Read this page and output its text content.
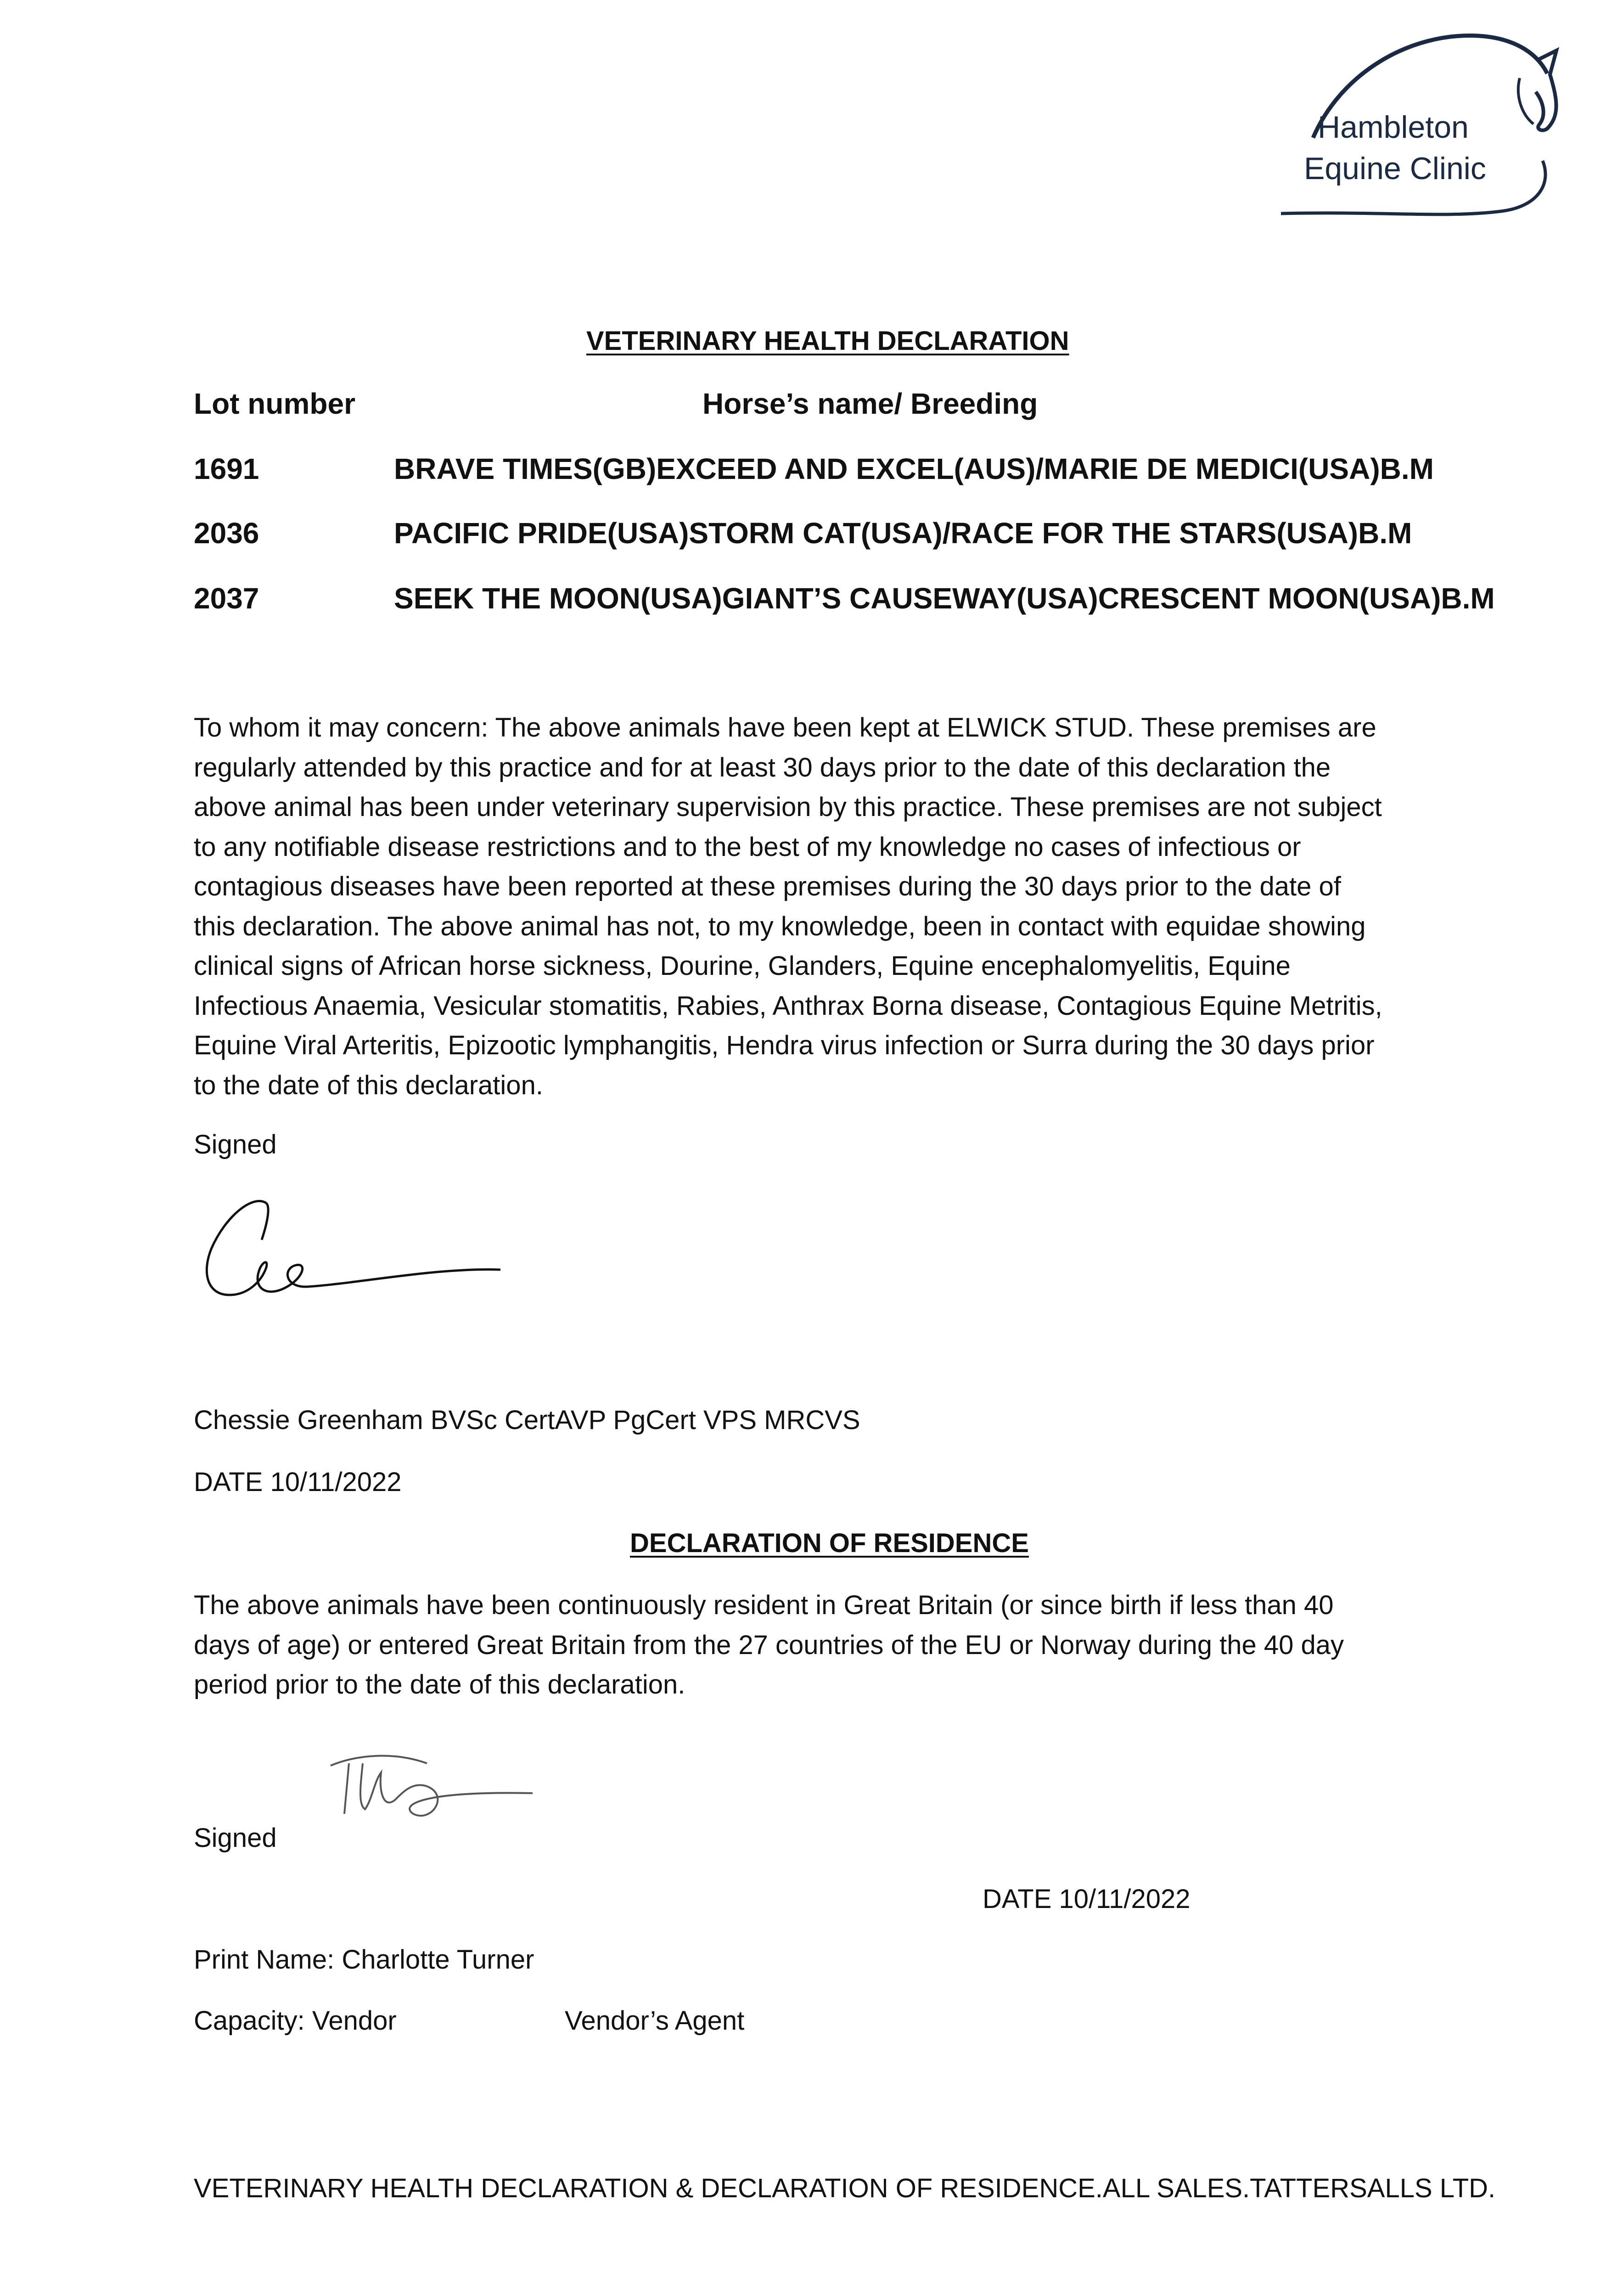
Hambleton
Equine Clinic
VETERINARY HEALTH DECLARATION
Lot number	Horse’s name/ Breeding
1691	BRAVE TIMES(GB)EXCEED AND EXCEL(AUS)/MARIE DE MEDICI(USA)B.M
2036	PACIFIC PRIDE(USA)STORM CAT(USA)/RACE FOR THE STARS(USA)B.M
2037	SEEK THE MOON(USA)GIANT’S CAUSEWAY(USA)CRESCENT MOON(USA)B.M
To whom it may concern: The above animals have been kept at ELWICK STUD. These premises are
regularly attended by this practice and for at least 30 days prior to the date of this declaration the
above animal has been under veterinary supervision by this practice. These premises are not subject
to any notifiable disease restrictions and to the best of my knowledge no cases of infectious or
contagious diseases have been reported at these premises during the 30 days prior to the date of
this declaration. The above animal has not, to my knowledge, been in contact with equidae showing
clinical signs of African horse sickness, Dourine, Glanders, Equine encephalomyelitis, Equine
Infectious Anaemia, Vesicular stomatitis, Rabies, Anthrax Borna disease, Contagious Equine Metritis,
Equine Viral Arteritis, Epizootic lymphangitis, Hendra virus infection or Surra during the 30 days prior
to the date of this declaration.
Signed
Chessie Greenham BVSc CertAVP PgCert VPS MRCVS
DATE 10/11/2022
DECLARATION OF RESIDENCE
The above animals have been continuously resident in Great Britain (or since birth if less than 40
days of age) or entered Great Britain from the 27 countries of the EU or Norway during the 40 day
period prior to the date of this declaration.
Signed
DATE 10/11/2022
Print Name: Charlotte Turner
Capacity: Vendor	Vendor’s Agent
VETERINARY HEALTH DECLARATION & DECLARATION OF RESIDENCE.ALL SALES.TATTERSALLS LTD.
